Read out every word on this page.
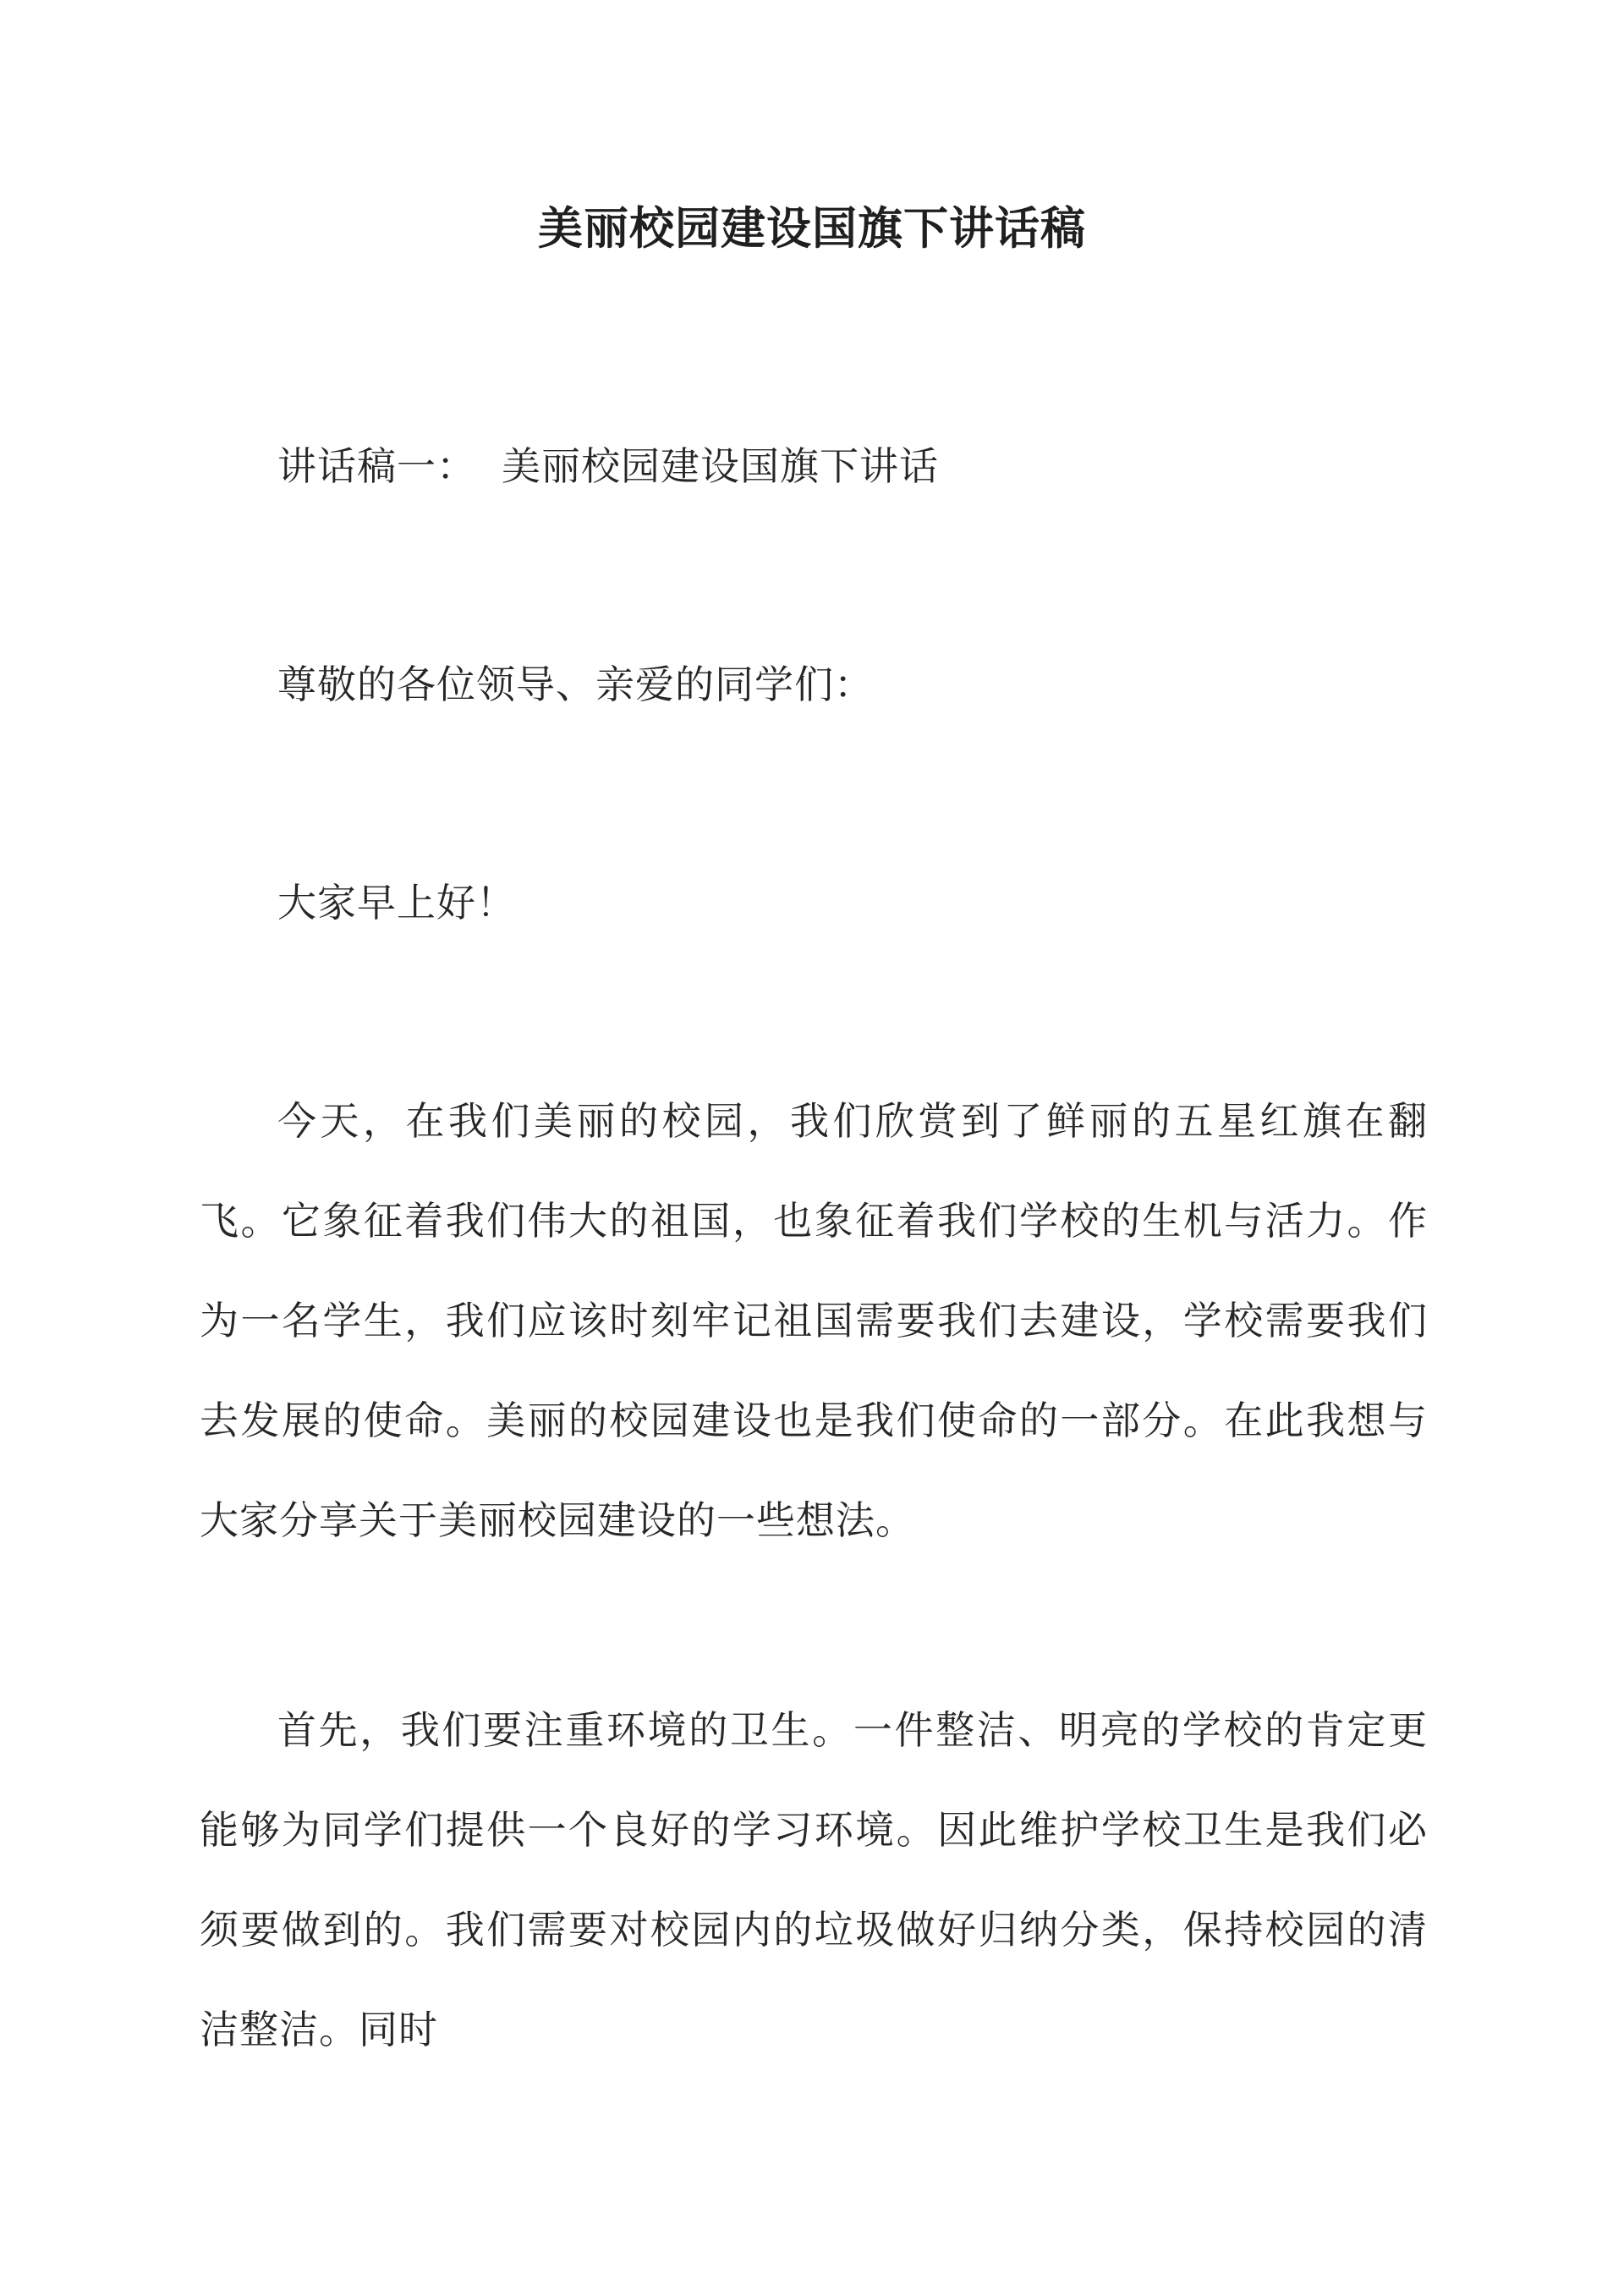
美丽校园建设国旗下讲话稿

讲话稿一： 美丽校园建设国旗下讲话

尊敬的各位领导、亲爱的同学们：

大家早上好！

今天，在我们美丽的校园，我们欣赏到了鲜丽的五星红旗在翻飞。它象征着我们伟大的祖国，也象征着我们学校的生机与活力。作为一名学生，我们应该时刻牢记祖国需要我们去建设，学校需要我们去发展的使命。美丽的校园建设也是我们使命的一部分。在此我想与大家分享关于美丽校园建设的一些想法。

首先，我们要注重环境的卫生。一件整洁、明亮的学校的肯定更能够为同学们提供一个良好的学习环境。因此维护学校卫生是我们必须要做到的。我们需要对校园内的垃圾做好归纳分类，保持校园的清洁整洁。同时
